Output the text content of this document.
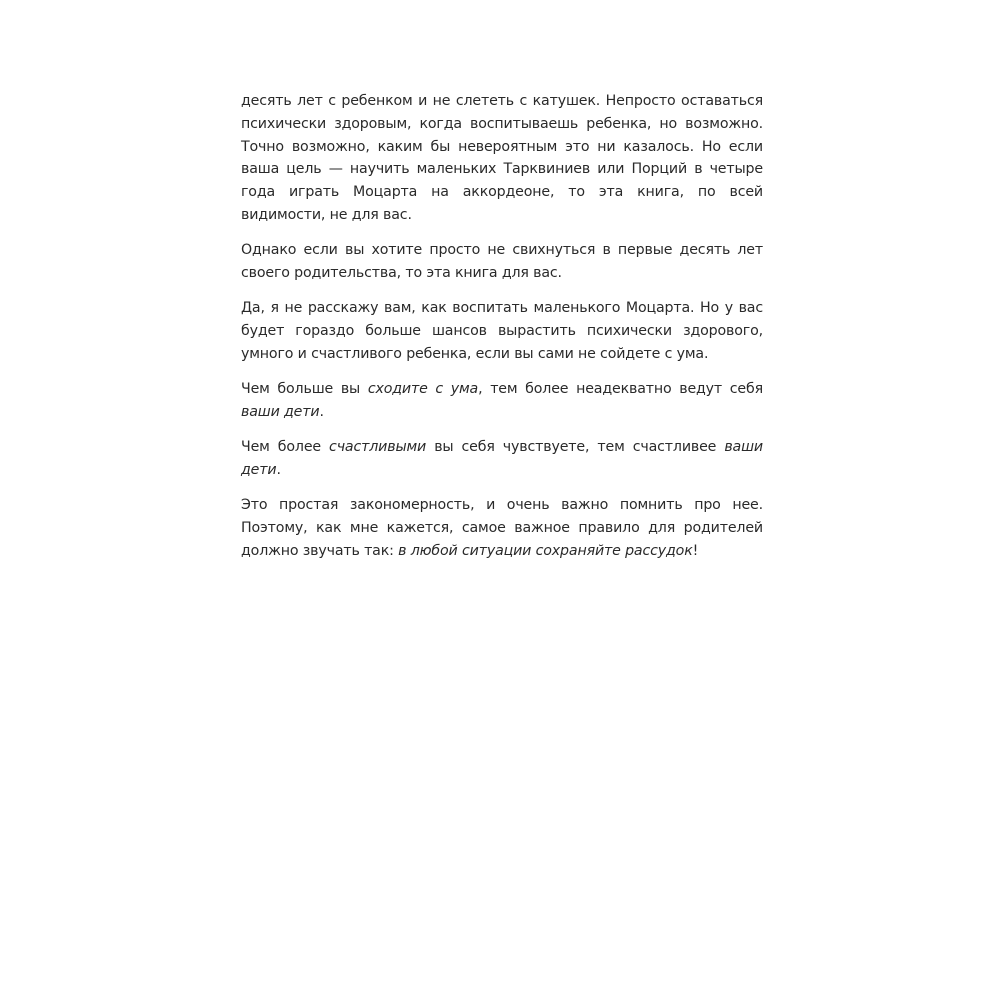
десять лет с ребенком и не слететь с катушек. Непросто оставаться психически здоровым, когда воспитываешь ребенка, но возможно. Точно возможно, каким бы невероятным это ни казалось. Но если ваша цель — научить маленьких Тарквиниев или Порций в четыре года играть Моцарта на аккордеоне, то эта книга, по всей видимости, не для вас.

Однако если вы хотите просто не свихнуться в первые десять лет своего родительства, то эта книга для вас.

Да, я не расскажу вам, как воспитать маленького Моцарта. Но у вас будет гораздо больше шансов вырастить психически здорового, умного и счастливого ребенка, если вы сами не сойдете с ума.

Чем больше вы сходите с ума, тем более неадекватно ведут себя ваши дети.

Чем более счастливыми вы себя чувствуете, тем счастливее ваши дети.

Это простая закономерность, и очень важно помнить про нее. Поэтому, как мне кажется, самое важное правило для родителей должно звучать так: в любой ситуации сохраняйте рассудок!
